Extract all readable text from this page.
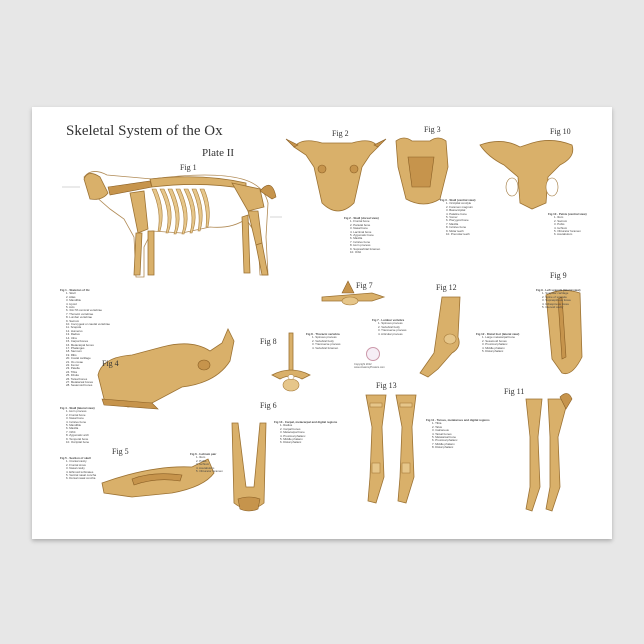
Skeletal System of the Ox
Plate II
Fig 1
Fig 2	Fig 3
Fig 4
Fig 5
Fig 6
Fig 7
Fig 8
Fig 9
Fig 10
Fig 11
Fig 12
Fig 13
Fig 1 - Skeleton of Ox
1. Skull
2. Atlas
3. Mandible
4. Hyoid
5. Axis
6. 3rd-7th cervical vertebrae
7. Thoracic vertebrae
8. Lumbar vertebrae
9. Sacrum
10. Coccygeal or caudal vertebrae
11. Scapula
12. Humerus
13. Radius
14. Ulna
15. Carpal bones
16. Metacarpal bones
17. Phalanges
18. Sternum
19. Ribs
20. Costal cartilage
21. Os coxae
22. Femur
23. Patella
24. Tibia
25. Fibula
26. Tarsal bones
27. Metatarsal bones
28. Sesamoid bones
Fig 2 - Skull (dorsal view)
1. Frontal bone
2. Parietal bone
3. Nasal bone
4. Lacrimal bone
5. Zygomatic bone
6. Maxilla
7. Incisive bone
8. Horn process
9. Supraorbital foramen
10. Orbit
Fig 3 - Skull (ventral view)
1. Occipital condyle
2. Foramen magnum
3. Basioccipital
4. Palatine bone
5. Vomer
6. Pterygoid bone
7. Maxilla
8. Incisive bone
9. Molar teeth
10. Premolar teeth
Fig 4 - Skull (lateral view)
1. Horn process
2. Frontal bone
3. Nasal bone
4. Incisive bone
5. Mandible
6. Maxilla
7. Orbit
8. Zygomatic arch
9. Temporal bone
10. Occipital bone
Fig 5 - Section of skull
1. Cranial cavity
2. Frontal sinus
3. Nasal cavity
4. Ethmoid turbinates
5. Ventral nasal concha
6. Dorsal nasal concha
Fig 6 - Ischium pair
1. Ilium
2. Pubis
3. Ischium
4. Acetabulum
5. Obturator foramen
Fig 7 - Lumbar vertebra
1. Spinous process
2. Vertebral body
3. Transverse process
4. Articular process
Fig 8 - Thoracic vertebra
1. Spinous process
2. Vertebral body
3. Transverse process
4. Vertebral foramen
Fig 9 - Left scapula (lateral view)
1. Scapular cartilage
2. Spine of scapula
3. Supraspinous fossa
4. Infraspinous fossa
5. Glenoid cavity
Fig 10 - Pelvis (ventral view)
1. Ilium
2. Sacrum
3. Pubis
4. Ischium
5. Obturator foramen
6. Acetabulum
Fig 11 - Tarsus, metatarsus and digital regions
1. Tibia
2. Talus
3. Calcaneus
4. Tarsal bones
5. Metatarsal bone
6. Proximal phalanx
7. Middle phalanx
8. Distal phalanx
Fig 12 - Distal foot (lateral view)
1. Large metacarpal bone
2. Sesamoid bones
3. Proximal phalanx
4. Middle phalanx
5. Distal phalanx
Fig 13 - Carpal, metacarpal and digital regions
1. Radius
2. Carpal bones
3. Metacarpal bone
4. Proximal phalanx
5. Middle phalanx
6. Distal phalanx
Copyright 2012
www.AnatomyPosters.com
